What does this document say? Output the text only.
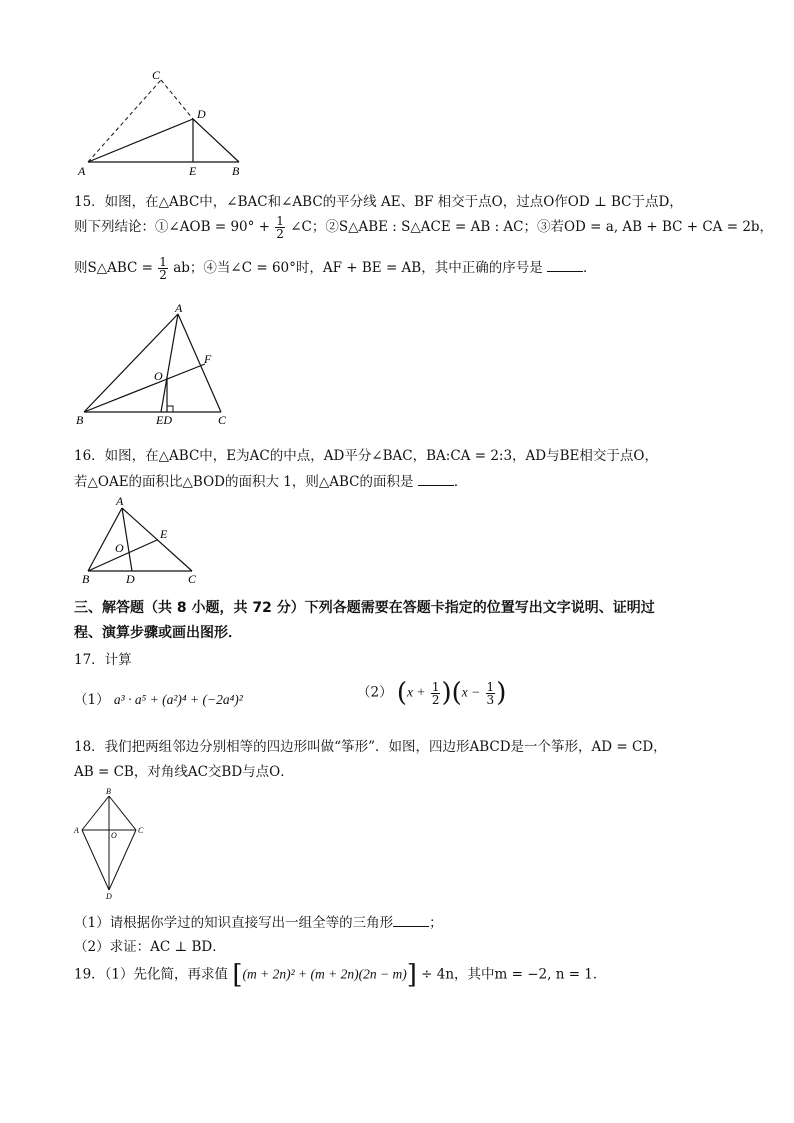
C
D
A	E	B
15．如图，在△ABC中，∠BAC和∠ABC的平分线 AE、BF 相交于点O，过点O作OD ⊥ BC于点D，
则下列结论：①∠AOB = $90^\circ + \frac{1}{2}$ ∠C；②S△ABE : S△ACE = AB : AC；③若OD = a, AB + BC + CA = 2b，
则S△ABC = $\frac{1}{2}$ ab；④当∠C = 60°时，AF + BE = AB，其中正确的序号是	．
A
F
O
B	ED	C
16．如图，在△ABC中，E为AC的中点，AD平分∠BAC，BA:CA = 2:3，AD与BE相交于点O，
若△OAE的面积比△BOD的面积大 1，则△ABC的面积是	．
A
E
O
B	D	C
三、解答题（共 8 小题，共 72 分）下列各题需要在答题卡指定的位置写出文字说明、证明过
程、演算步骤或画出图形．
17．计算
（1） a³ · a⁵ + (a²)⁴ + (−2a⁴)²	（2） $(x + \frac{1}{2} )(x - \frac{1}{3}$ )
18．我们把两组邻边分别相等的四边形叫做“筝形”．如图，四边形ABCD是一个筝形，AD = CD，
AB = CB，对角线AC交BD与点O．
B
A
O
C
D
（1）请根据你学过的知识直接写出一组全等的三角形	；
（2）求证：AC ⊥ BD．
19．（1）先化简，再求值 [(m + 2n)² + (m + 2n)(2n − m)] ÷ 4n，其中m = −2, n = 1．
